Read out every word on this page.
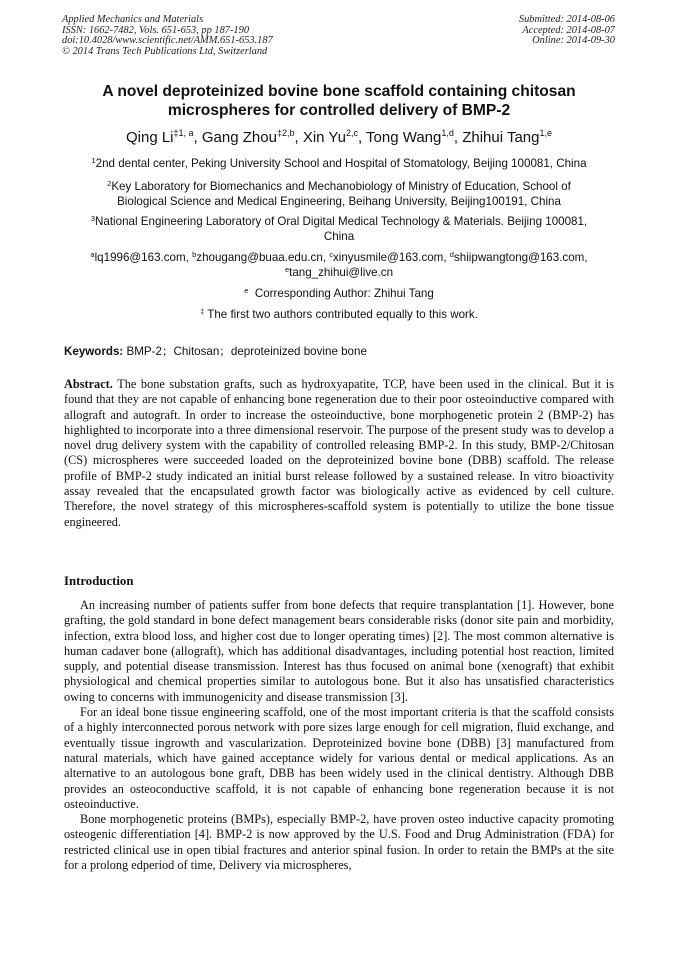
Applied Mechanics and Materials
ISSN: 1662-7482, Vols. 651-653, pp 187-190
doi:10.4028/www.scientific.net/AMM.651-653.187
© 2014 Trans Tech Publications Ltd, Switzerland
Submitted: 2014-08-06
Accepted: 2014-08-07
Online: 2014-09-30
A novel deproteinized bovine bone scaffold containing chitosan
microspheres for controlled delivery of BMP-2
Qing Li$^{\ddagger 1, a}$, Gang Zhou$^{\ddagger 2,b}$, Xin Yu$^{2,c}$, Tong Wang$^{1,d}$, Zhihui Tang$^{1,e}$
$^1$2nd dental center, Peking University School and Hospital of Stomatology, Beijing 100081, China
$^2$Key Laboratory for Biomechanics and Mechanobiology of Ministry of Education, School of
Biological Science and Medical Engineering, Beihang University, Beijing100191, China
$^3$National Engineering Laboratory of Oral Digital Medical Technology & Materials. Beijing 100081,
China
$^a$lq1996@163.com, $^b$zhougang@buaa.edu.cn, $^c$xinyusmile@163.com, $^d$shiipwangtong@163.com,
$^e$tang_zhihui@live.cn
$^e$ Corresponding Author: Zhihui Tang
‡ The first two authors contributed equally to this work.
Keywords: BMP-2；Chitosan；deproteinized bovine bone
Abstract. The bone substation grafts, such as hydroxyapatite, TCP, have been used in the clinical. But it is found that they are not capable of enhancing bone regeneration due to their poor osteoinductive compared with allograft and autograft. In order to increase the osteoinductive, bone morphogenetic protein 2 (BMP-2) has highlighted to incorporate into a three dimensional reservoir. The purpose of the present study was to develop a novel drug delivery system with the capability of controlled releasing BMP-2. In this study, BMP-2/Chitosan (CS) microspheres were succeeded loaded on the deproteinized bovine bone (DBB) scaffold. The release profile of BMP-2 study indicated an initial burst release followed by a sustained release. In vitro bioactivity assay revealed that the encapsulated growth factor was biologically active as evidenced by cell culture. Therefore, the novel strategy of this microspheres-scaffold system is potentially to utilize the bone tissue engineered.
Introduction

An increasing number of patients suffer from bone defects that require transplantation [1]. However, bone grafting, the gold standard in bone defect management bears considerable risks (donor site pain and morbidity, infection, extra blood loss, and higher cost due to longer operating times) [2]. The most common alternative is human cadaver bone (allograft), which has additional disadvantages, including potential host reaction, limited supply, and potential disease transmission. Interest has thus focused on animal bone (xenograft) that exhibit physiological and chemical properties similar to autologous bone. But it also has unsatisfied characteristics owing to concerns with immunogenicity and disease transmission [3].

For an ideal bone tissue engineering scaffold, one of the most important criteria is that the scaffold consists of a highly interconnected porous network with pore sizes large enough for cell migration, fluid exchange, and eventually tissue ingrowth and vascularization. Deproteinized bovine bone (DBB) [3] manufactured from natural materials, which have gained acceptance widely for various dental or medical applications. As an alternative to an autologous bone graft, DBB has been widely used in the clinical dentistry. Although DBB provides an osteoconductive scaffold, it is not capable of enhancing bone regeneration because it is not osteoinductive.

Bone morphogenetic proteins (BMPs), especially BMP-2, have proven osteo inductive capacity promoting osteogenic differentiation [4]. BMP-2 is now approved by the U.S. Food and Drug Administration (FDA) for restricted clinical use in open tibial fractures and anterior spinal fusion. In order to retain the BMPs at the site for a prolong edperiod of time, Delivery via microspheres,
